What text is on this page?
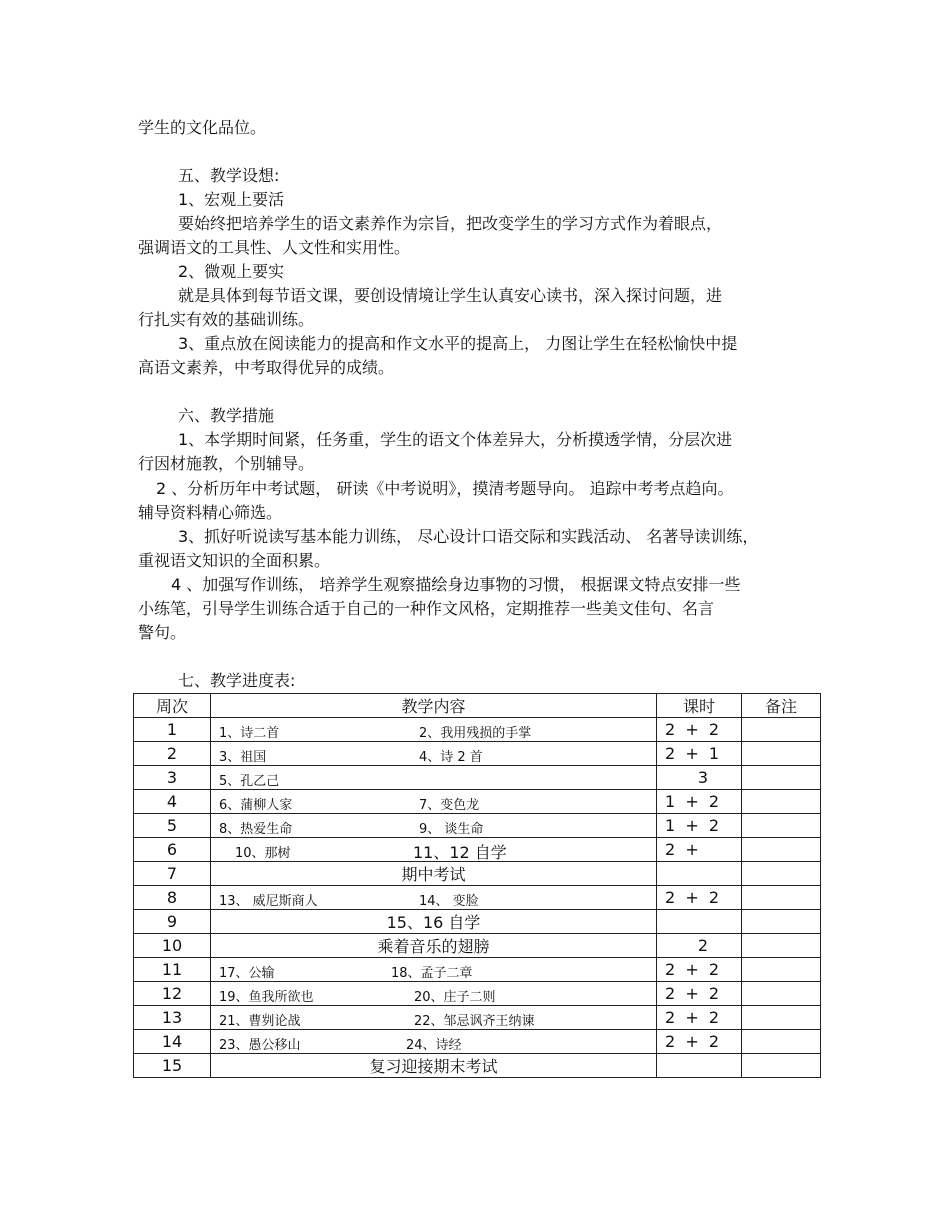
学生的文化品位。
五、教学设想:
1、宏观上要活
要始终把培养学生的语文素养作为宗旨，把改变学生的学习方式作为着眼点，
强调语文的工具性、人文性和实用性。
2、微观上要实
就是具体到每节语文课，要创设情境让学生认真安心读书，深入探讨问题，进
行扎实有效的基础训练。
3、重点放在阅读能力的提高和作文水平的提高上， 力图让学生在轻松愉快中提
高语文素养，中考取得优异的成绩。
六、教学措施
1、本学期时间紧，任务重，学生的语文个体差异大，分析摸透学情，分层次进
行因材施教，个别辅导。
2 、分析历年中考试题， 研读《中考说明》，摸清考题导向。 追踪中考考点趋向。
辅导资料精心筛选。
3、抓好听说读写基本能力训练， 尽心设计口语交际和实践活动、 名著导读训练，
重视语文知识的全面积累。
4 、加强写作训练， 培养学生观察描绘身边事物的习惯， 根据课文特点安排一些
小练笔，引导学生训练合适于自己的一种作文风格，定期推荐一些美文佳句、名言
警句。
七、教学进度表:
周次	教学内容	课时	备注
1	1、诗二首 2、我用残损的手掌	2  +  2	

2	3、祖国 4、诗 2 首	2  +  1	

3	5、孔乙己	3	

4	6、蒲柳人家 7、变色龙	1  +  2	

5	8、热爱生命 9、 谈生命	1  +  2	

6	10、那树 11、12 自学	2  +	

7	期中考试		
8	13、 威尼斯商人 14、 变脸	2  +  2	

9	15、16 自学		
10	乘着音乐的翅膀	2	

11	17、公输 18、孟子二章	2  +  2	

12	19、鱼我所欲也 20、庄子二则	2  +  2	

13	21、曹刿论战 22、邹忌讽齐王纳谏	2  +  2	

14	23、愚公移山 24、诗经	2  +  2	

15	复习迎接期末考试		
